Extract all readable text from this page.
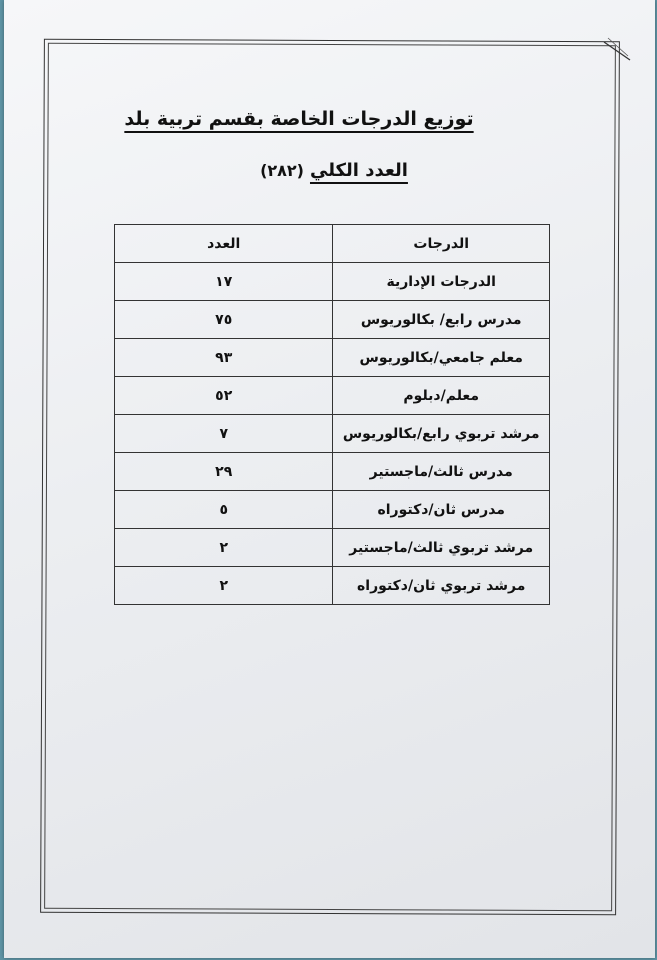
توزيع الدرجات الخاصة بقسم تربية بلد
العدد الكلي(٢٨٢)
الدرجات	العدد
الدرجات الإدارية	١٧
مدرس رابع/ بكالوريوس	٧٥
معلم جامعي/بكالوريوس	٩٣
معلم/دبلوم	٥٢
مرشد تربوي رابع/بكالوريوس	٧
مدرس ثالث/ماجستير	٢٩
مدرس ثان/دكتوراه	٥
مرشد تربوي ثالث/ماجستير	٢
مرشد تربوي ثان/دكتوراه	٢
